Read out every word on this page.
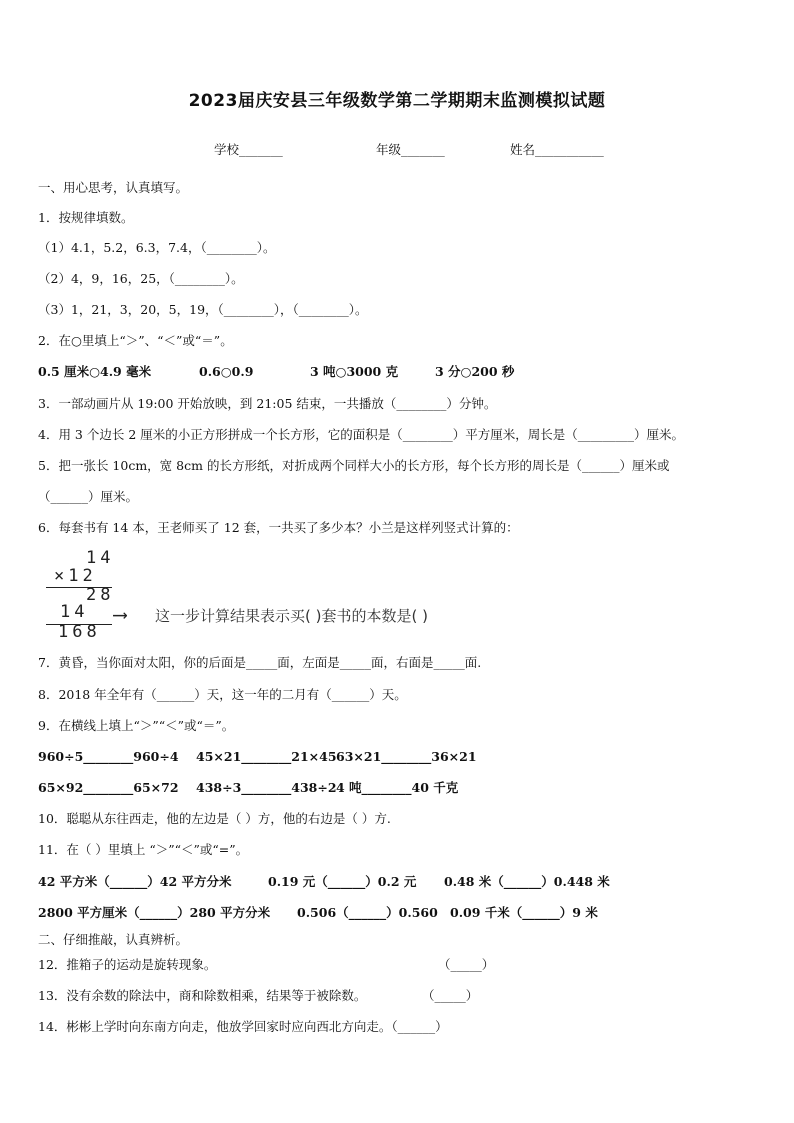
2023届庆安县三年级数学第二学期期末监测模拟试题
学校_______	年级_______	姓名___________
一、用心思考，认真填写。
1．按规律填数。
（1）4.1，5.2，6.3，7.4，（________）。
（2）4，9，16，25，（________）。
（3）1，21，3，20，5，19，（________），（________）。
2．在○里填上“＞”、“＜”或“＝”。
0.5 厘米○4.9 毫米	0.6○0.9	3 吨○3000 克	3 分○200 秒
3．一部动画片从 19:00 开始放映，到 21:05 结束，一共播放（________）分钟。
4．用 3 个边长 2 厘米的小正方形拼成一个长方形，它的面积是（________）平方厘米，周长是（_________）厘米。
5．把一张长 10cm，宽 8cm 的长方形纸，对折成两个同样大小的长方形，每个长方形的周长是（______）厘米或
（______）厘米。
6．每套书有 14 本，王老师买了 12 套，一共买了多少本？小兰是这样列竖式计算的：
14
×12
28
14
168
⟶ 这一步计算结果表示买( )套书的本数是( )
7．黄昏，当你面对太阳，你的后面是_____面，左面是_____面，右面是_____面.
8．2018 年全年有（______）天，这一年的二月有（______）天。
9．在横线上填上“＞”“＜”或“＝”。
960÷5________960÷4 45×21________21×45 63×21________36×21
65×92________65×72 438÷3________438÷2 4 吨________40 千克
10．聪聪从东往西走，他的左边是（ ）方，他的右边是（ ）方.
11．在（ ）里填上 “＞”“＜”或“=”。
42 平方米（______）42 平方分米	0.19 元（______）0.2 元 0.48 米（______）0.448 米
2800 平方厘米（______）280 平方分米 0.506（______）0.560 0.09 千米（______）9 米
二、仔细推敲，认真辨析。
12．推箱子的运动是旋转现象。	（_____）
13．没有余数的除法中，商和除数相乘，结果等于被除数。	（_____）
14．彬彬上学时向东南方向走，他放学回家时应向西北方向走。（______）
